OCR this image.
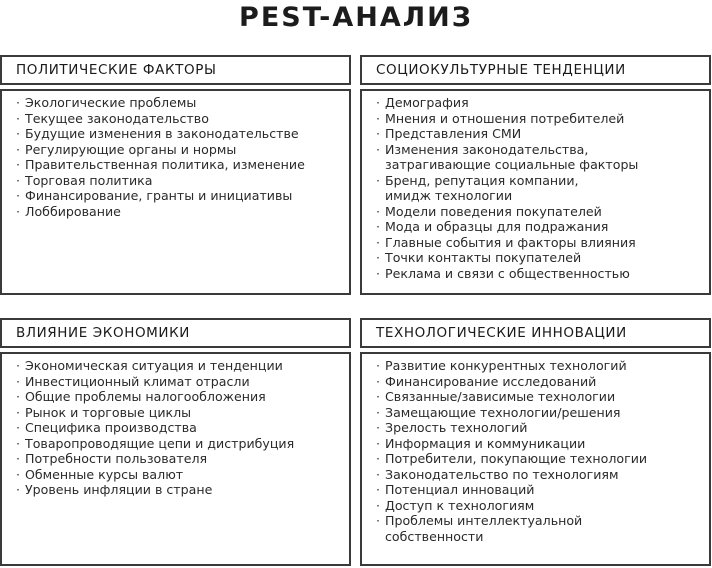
PEST-АНАЛИЗ
ПОЛИТИЧЕСКИЕ ФАКТОРЫ
· Экологические проблемы
· Текущее законодательство
· Будущие изменения в законодательстве
· Регулирующие органы и нормы
· Правительственная политика, изменение
· Торговая политика
· Финансирование, гранты и инициативы
· Лоббирование
СОЦИОКУЛЬТУРНЫЕ ТЕНДЕНЦИИ
· Демография
· Мнения и отношения потребителей
· Представления СМИ
· Изменения законодательства,
затрагивающие социальные факторы
· Бренд, репутация компании,
имидж технологии
· Модели поведения покупателей
· Мода и образцы для подражания
· Главные события и факторы влияния
· Точки контакты покупателей
· Реклама и связи с общественностью
ВЛИЯНИЕ ЭКОНОМИКИ
· Экономическая ситуация и тенденции
· Инвестиционный климат отрасли
· Общие проблемы налогообложения
· Рынок и торговые циклы
· Специфика производства
· Товаропроводящие цепи и дистрибуция
· Потребности пользователя
· Обменные курсы валют
· Уровень инфляции в стране
ТЕХНОЛОГИЧЕСКИЕ ИННОВАЦИИ
· Развитие конкурентных технологий
· Финансирование исследований
· Связанные/зависимые технологии
· Замещающие технологии/решения
· Зрелость технологий
· Информация и коммуникации
· Потребители, покупающие технологии
· Законодательство по технологиям
· Потенциал инноваций
· Доступ к технологиям
· Проблемы интеллектуальной
собственности
